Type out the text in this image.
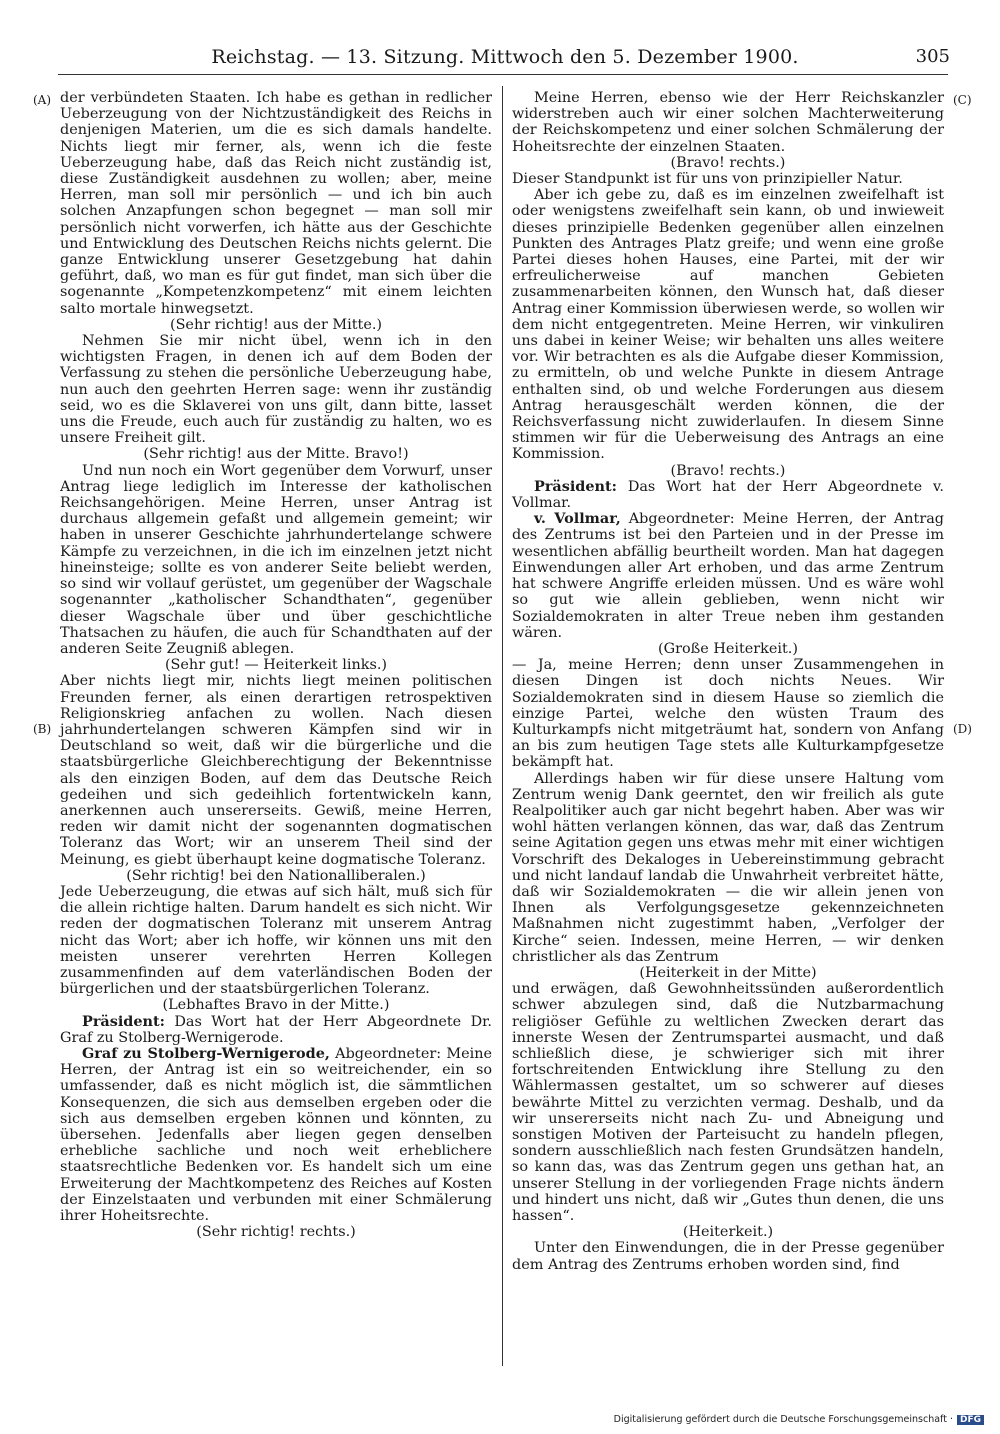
Reichstag. — 13. Sitzung. Mittwoch den 5. Dezember 1900.	305
(A)
(B)
(C)
(D)

der verbündeten Staaten. Ich habe es gethan in redlicher Ueberzeugung von der Nichtzuständigkeit des Reichs in denjenigen Materien, um die es sich damals handelte. Nichts liegt mir ferner, als, wenn ich die feste Ueberzeugung habe, daß das Reich nicht zuständig ist, diese Zuständigkeit ausdehnen zu wollen; aber, meine Herren, man soll mir persönlich — und ich bin auch solchen Anzapfungen schon begegnet — man soll mir persönlich nicht vorwerfen, ich hätte aus der Geschichte und Entwicklung des Deutschen Reichs nichts gelernt. Die ganze Entwicklung unserer Gesetzgebung hat dahin geführt, daß, wo man es für gut findet, man sich über die sogenannte „Kompetenzkompetenz“ mit einem leichten salto mortale hinwegsetzt.

(Sehr richtig! aus der Mitte.)

Nehmen Sie mir nicht übel, wenn ich in den wichtigsten Fragen, in denen ich auf dem Boden der Verfassung zu stehen die persönliche Ueberzeugung habe, nun auch den geehrten Herren sage: wenn ihr zuständig seid, wo es die Sklaverei von uns gilt, dann bitte, lasset uns die Freude, euch auch für zuständig zu halten, wo es unsere Freiheit gilt.

(Sehr richtig! aus der Mitte. Bravo!)

Und nun noch ein Wort gegenüber dem Vorwurf, unser Antrag liege lediglich im Interesse der katholischen Reichsangehörigen. Meine Herren, unser Antrag ist durchaus allgemein gefaßt und allgemein gemeint; wir haben in unserer Geschichte jahrhundertelange schwere Kämpfe zu verzeichnen, in die ich im einzelnen jetzt nicht hineinsteige; sollte es von anderer Seite beliebt werden, so sind wir vollauf gerüstet, um gegenüber der Wagschale sogenannter „katholischer Schandthaten“, gegenüber dieser Wagschale über und über geschichtliche Thatsachen zu häufen, die auch für Schandthaten auf der anderen Seite Zeugniß ablegen.

(Sehr gut! — Heiterkeit links.)

Aber nichts liegt mir, nichts liegt meinen politischen Freunden ferner, als einen derartigen retrospektiven Religionskrieg anfachen zu wollen. Nach diesen jahrhundertelangen schweren Kämpfen sind wir in Deutschland so weit, daß wir die bürgerliche und die staatsbürgerliche Gleichberechtigung der Bekenntnisse als den einzigen Boden, auf dem das Deutsche Reich gedeihen und sich gedeihlich fortentwickeln kann, anerkennen auch unsererseits. Gewiß, meine Herren, reden wir damit nicht der sogenannten dogmatischen Toleranz das Wort; wir an unserem Theil sind der Meinung, es giebt überhaupt keine dogmatische Toleranz.

(Sehr richtig! bei den Nationalliberalen.)

Jede Ueberzeugung, die etwas auf sich hält, muß sich für die allein richtige halten. Darum handelt es sich nicht. Wir reden der dogmatischen Toleranz mit unserem Antrag nicht das Wort; aber ich hoffe, wir können uns mit den meisten unserer verehrten Herren Kollegen zusammenfinden auf dem vaterländischen Boden der bürgerlichen und der staatsbürgerlichen Toleranz.

(Lebhaftes Bravo in der Mitte.)

Präsident: Das Wort hat der Herr Abgeordnete Dr. Graf zu Stolberg-Wernigerode.

Graf zu Stolberg-Wernigerode, Abgeordneter: Meine Herren, der Antrag ist ein so weitreichender, ein so umfassender, daß es nicht möglich ist, die sämmtlichen Konsequenzen, die sich aus demselben ergeben oder die sich aus demselben ergeben können und könnten, zu übersehen. Jedenfalls aber liegen gegen denselben erhebliche sachliche und noch weit erheblichere staatsrechtliche Bedenken vor. Es handelt sich um eine Erweiterung der Machtkompetenz des Reiches auf Kosten der Einzelstaaten und verbunden mit einer Schmälerung ihrer Hoheitsrechte.

(Sehr richtig! rechts.)

Meine Herren, ebenso wie der Herr Reichskanzler widerstreben auch wir einer solchen Machterweiterung der Reichskompetenz und einer solchen Schmälerung der Hoheitsrechte der einzelnen Staaten.

(Bravo! rechts.)

Dieser Standpunkt ist für uns von prinzipieller Natur.

Aber ich gebe zu, daß es im einzelnen zweifelhaft ist oder wenigstens zweifelhaft sein kann, ob und inwieweit dieses prinzipielle Bedenken gegenüber allen einzelnen Punkten des Antrages Platz greife; und wenn eine große Partei dieses hohen Hauses, eine Partei, mit der wir erfreulicherweise auf manchen Gebieten zusammenarbeiten können, den Wunsch hat, daß dieser Antrag einer Kommission überwiesen werde, so wollen wir dem nicht entgegentreten. Meine Herren, wir vinkuliren uns dabei in keiner Weise; wir behalten uns alles weitere vor. Wir betrachten es als die Aufgabe dieser Kommission, zu ermitteln, ob und welche Punkte in diesem Antrage enthalten sind, ob und welche Forderungen aus diesem Antrag herausgeschält werden können, die der Reichsverfassung nicht zuwiderlaufen. In diesem Sinne stimmen wir für die Ueberweisung des Antrags an eine Kommission.

(Bravo! rechts.)

Präsident: Das Wort hat der Herr Abgeordnete v. Vollmar.

v. Vollmar, Abgeordneter: Meine Herren, der Antrag des Zentrums ist bei den Parteien und in der Presse im wesentlichen abfällig beurtheilt worden. Man hat dagegen Einwendungen aller Art erhoben, und das arme Zentrum hat schwere Angriffe erleiden müssen. Und es wäre wohl so gut wie allein geblieben, wenn nicht wir Sozialdemokraten in alter Treue neben ihm gestanden wären.

(Große Heiterkeit.)

— Ja, meine Herren; denn unser Zusammengehen in diesen Dingen ist doch nichts Neues. Wir Sozialdemokraten sind in diesem Hause so ziemlich die einzige Partei, welche den wüsten Traum des Kulturkampfs nicht mitgeträumt hat, sondern von Anfang an bis zum heutigen Tage stets alle Kulturkampfgesetze bekämpft hat.

Allerdings haben wir für diese unsere Haltung vom Zentrum wenig Dank geerntet, den wir freilich als gute Realpolitiker auch gar nicht begehrt haben. Aber was wir wohl hätten verlangen können, das war, daß das Zentrum seine Agitation gegen uns etwas mehr mit einer wichtigen Vorschrift des Dekaloges in Uebereinstimmung gebracht und nicht landauf landab die Unwahrheit verbreitet hätte, daß wir Sozialdemokraten — die wir allein jenen von Ihnen als Verfolgungsgesetze gekennzeichneten Maßnahmen nicht zugestimmt haben, „Verfolger der Kirche“ seien. Indessen, meine Herren, — wir denken christlicher als das Zentrum

(Heiterkeit in der Mitte)

und erwägen, daß Gewohnheitssünden außerordentlich schwer abzulegen sind, daß die Nutzbarmachung religiöser Gefühle zu weltlichen Zwecken derart das innerste Wesen der Zentrumspartei ausmacht, und daß schließlich diese, je schwieriger sich mit ihrer fortschreitenden Entwicklung ihre Stellung zu den Wählermassen gestaltet, um so schwerer auf dieses bewährte Mittel zu verzichten vermag. Deshalb, und da wir unsererseits nicht nach Zu- und Abneigung und sonstigen Motiven der Parteisucht zu handeln pflegen, sondern ausschließlich nach festen Grundsätzen handeln, so kann das, was das Zentrum gegen uns gethan hat, an unserer Stellung in der vorliegenden Frage nichts ändern und hindert uns nicht, daß wir „Gutes thun denen, die uns hassen“.

(Heiterkeit.)

Unter den Einwendungen, die in der Presse gegenüber dem Antrag des Zentrums erhoben worden sind, find

Digitalisierung gefördert durch die Deutsche Forschungsgemeinschaft · DFG
